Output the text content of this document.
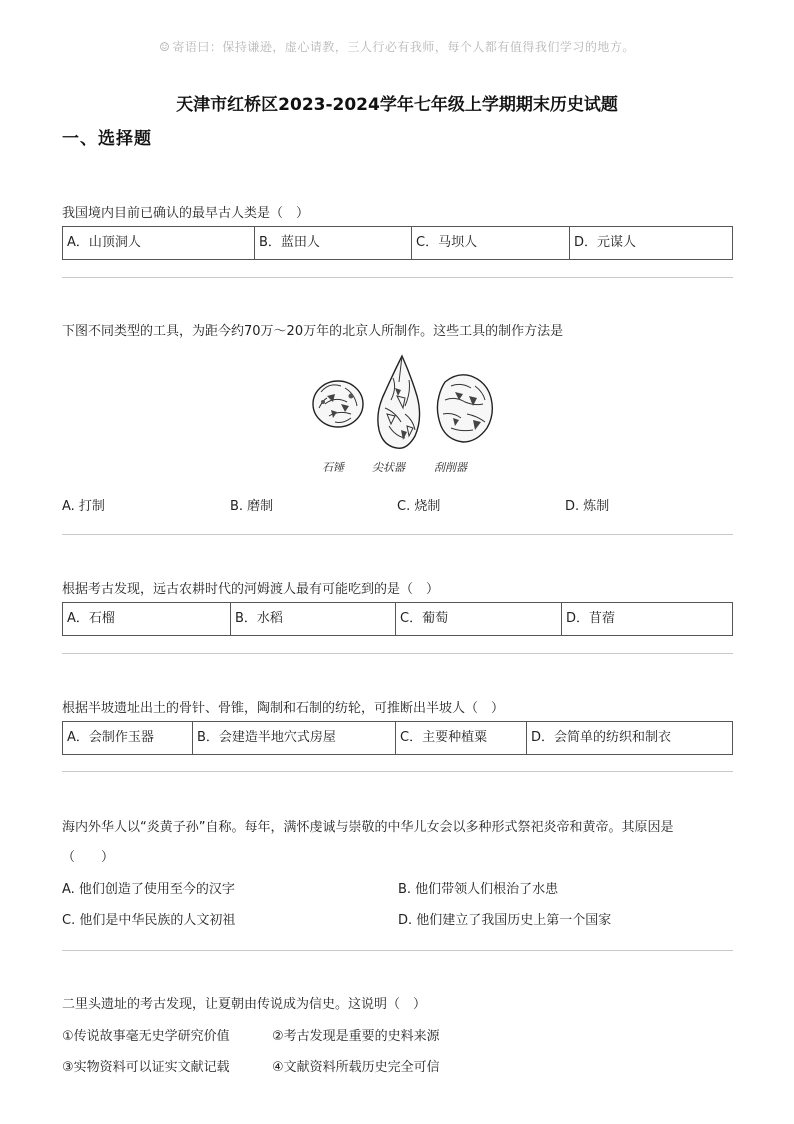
☺ 寄语曰：保持谦逊，虚心请教，三人行必有我师，每个人都有值得我们学习的地方。
天津市红桥区2023-2024学年七年级上学期期末历史试题
一、选择题
我国境内目前已确认的最早古人类是（　）
A．山顶洞人	B．蓝田人	C．马坝人	D．元谋人
下图不同类型的工具，为距今约70万～20万年的北京人所制作。这些工具的制作方法是
石锤	尖状器	刮削器
A. 打制	B. 磨制	C. 烧制	D. 炼制
根据考古发现，远古农耕时代的河姆渡人最有可能吃到的是（　）
A．石榴	B．水稻	C．葡萄	D．苜蓿
根据半坡遗址出土的骨针、骨锥，陶制和石制的纺轮，可推断出半坡人（　）
A．会制作玉器	B．会建造半地穴式房屋	C．主要种植粟	D．会简单的纺织和制衣
海内外华人以“炎黄子孙”自称。每年，满怀虔诚与崇敬的中华儿女会以多种形式祭祀炎帝和黄帝。其原因是
（　　）
A. 他们创造了使用至今的汉字	B. 他们带领人们根治了水患
C. 他们是中华民族的人文初祖	D. 他们建立了我国历史上第一个国家
二里头遗址的考古发现，让夏朝由传说成为信史。这说明（　）
①传说故事毫无史学研究价值	②考古发现是重要的史料来源
③实物资料可以证实文献记载	④文献资料所载历史完全可信
